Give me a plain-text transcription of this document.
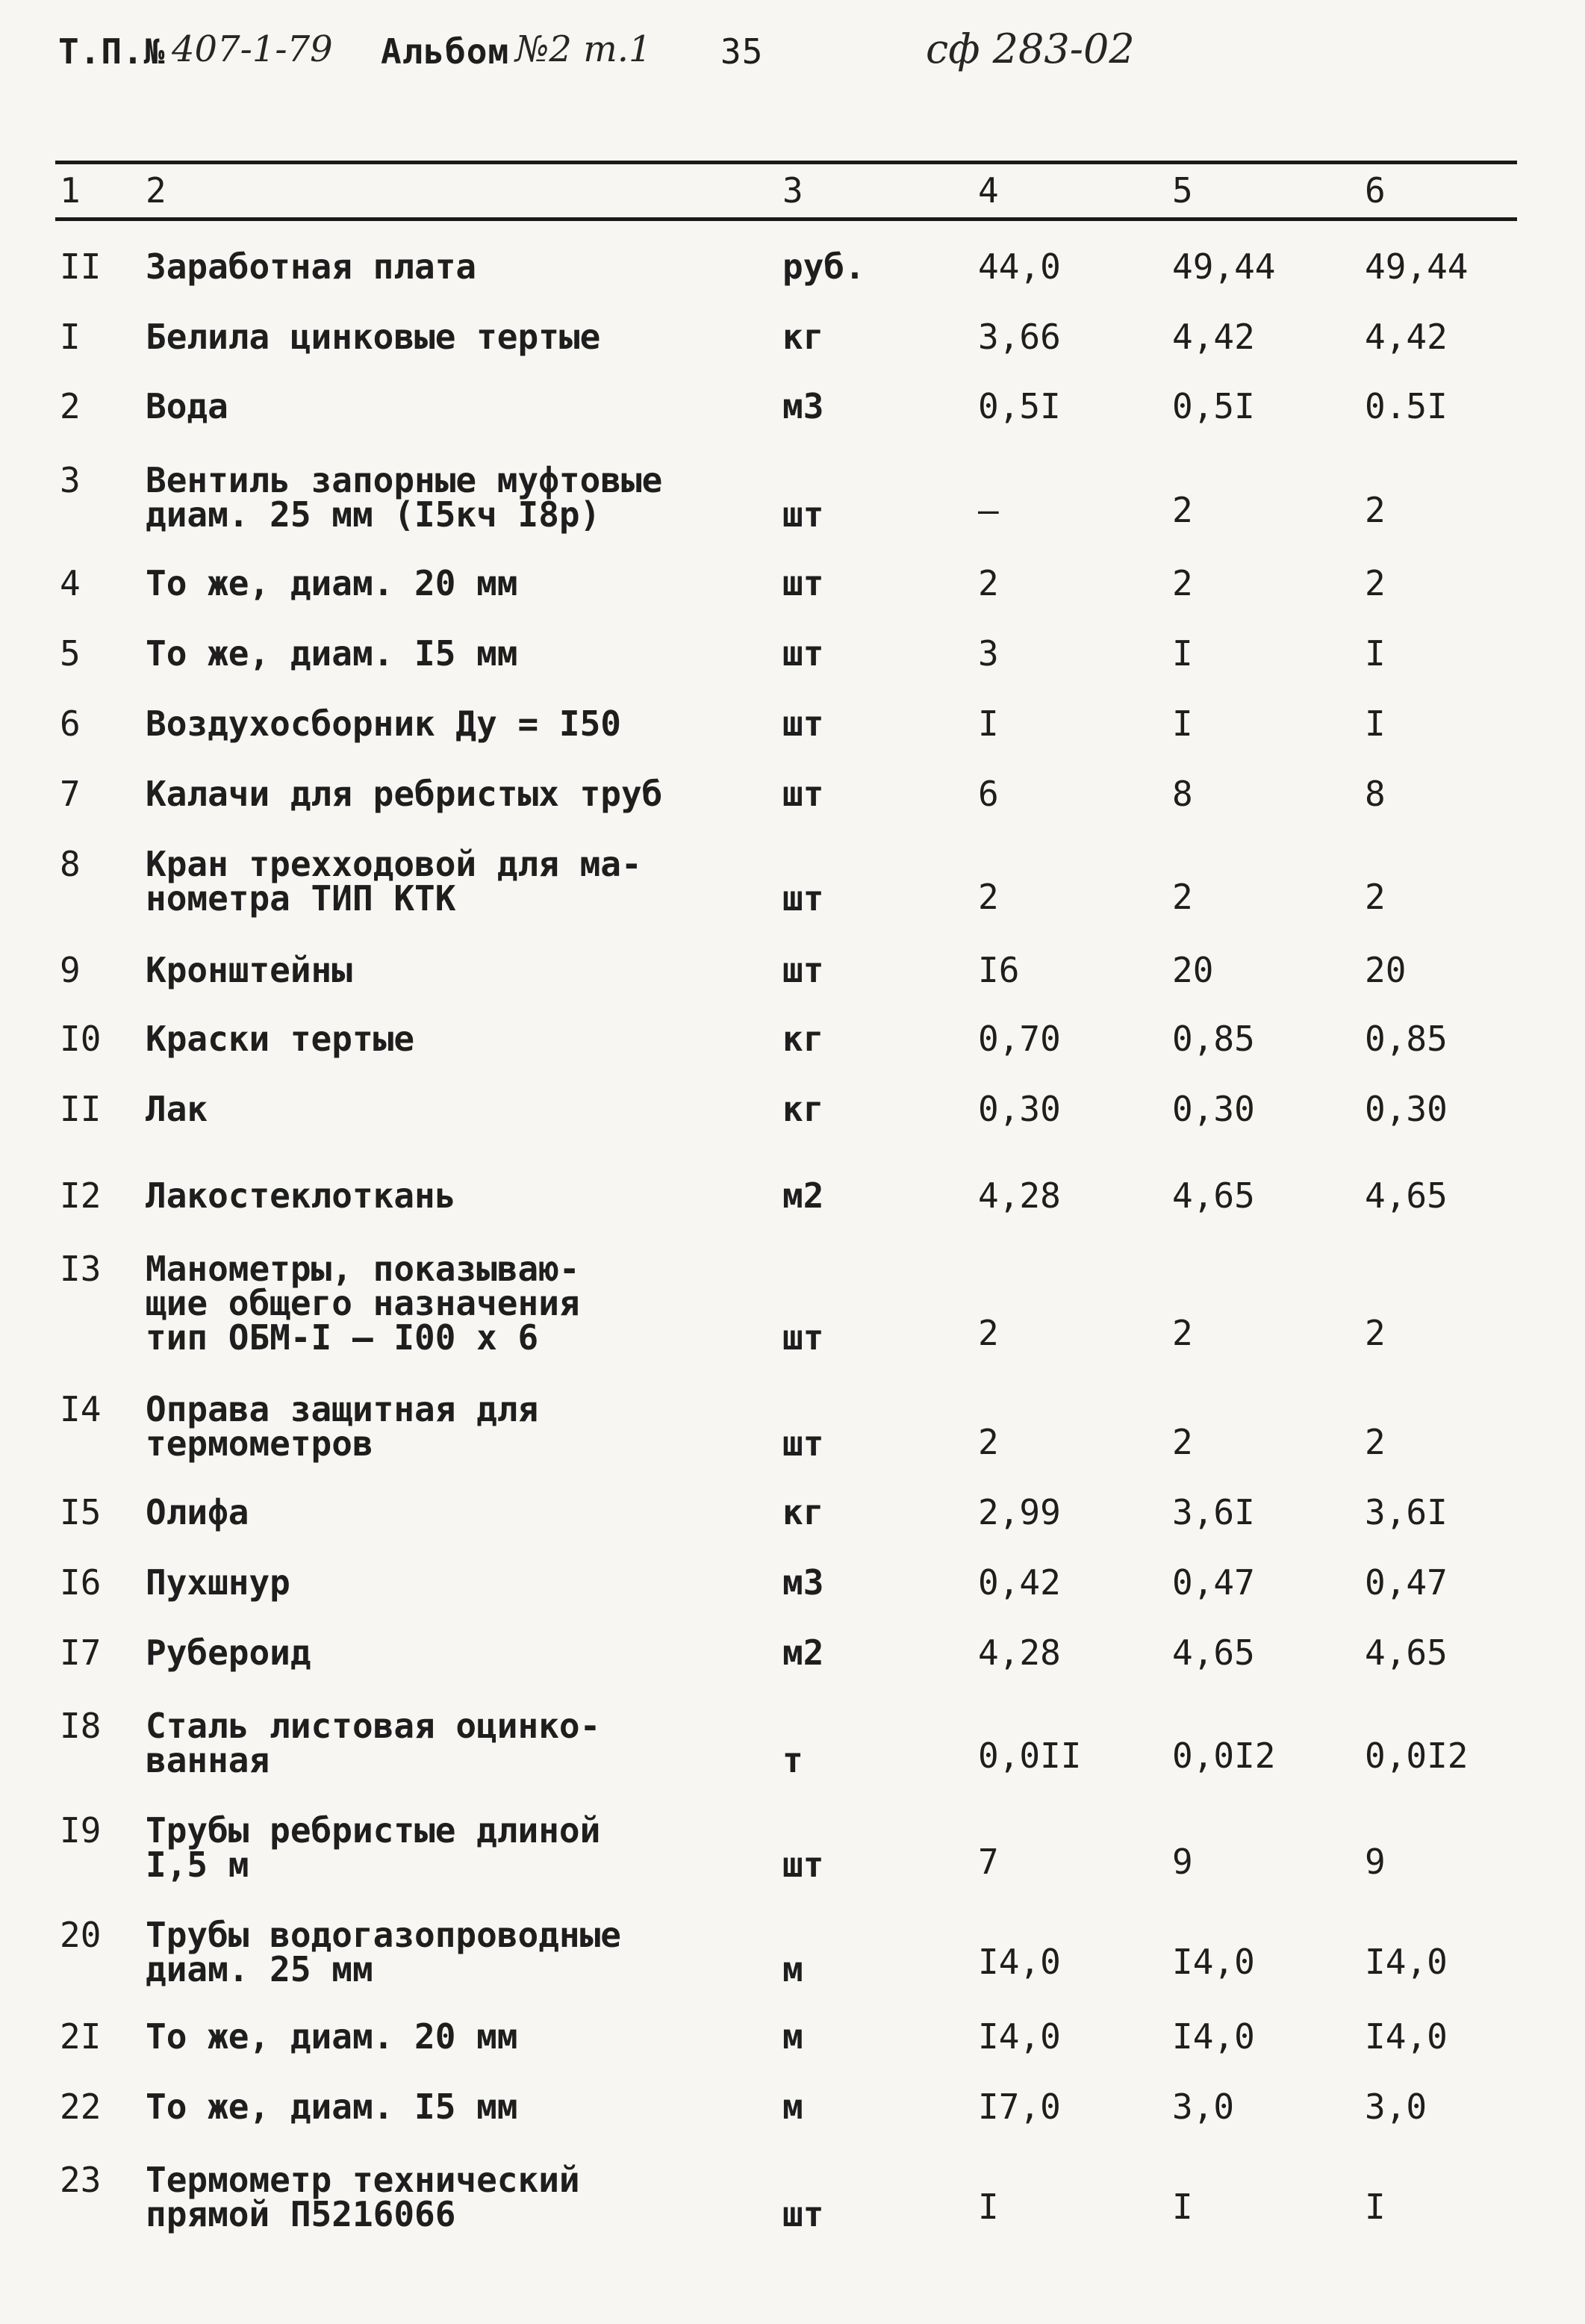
Т.П.№ 407-1-79 Альбом №2 т.1 35	сф 283-02
1 2	3	4	5	6
II Заработная плата	руб.	44,0	49,44	49,44
I Белила цинковые тертые	кг	3,66	4,42	4,42
2 Вода	м3	0,5I	0,5I	0.5I
3 Вентиль запорные муфтовые
диам. 25 мм (I5кч I8р)	шт	–	2	2
4 То же, диам. 20 мм	шт	2	2	2
5 То же, диам. I5 мм	шт	3	I	I
6 Воздухосборник Ду = I50	шт	I	I	I
7 Калачи для ребристых труб	шт	6	8	8
8 Кран трехходовой для ма-
нометра ТИП КТК	шт	2	2	2
9 Кронштейны	шт	I6	20	20
I0 Краски тертые	кг	0,70	0,85	0,85
II Лак	кг	0,30	0,30	0,30
I2 Лакостеклоткань	м2	4,28	4,65	4,65
I3 Манометры, показываю-
щие общего назначения
тип ОБМ-I – I00 х 6	шт	2	2	2
I4 Оправа защитная для
термометров	шт	2	2	2
I5 Олифа	кг	2,99	3,6I	3,6I
I6 Пухшнур	м3	0,42	0,47	0,47
I7 Рубероид	м2	4,28	4,65	4,65
I8 Сталь листовая оцинко-
ванная	т	0,0II	0,0I2	0,0I2
I9 Трубы ребристые длиной
I,5 м	шт	7	9	9
20 Трубы водогазопроводные
диам. 25 мм	м	I4,0	I4,0	I4,0
2I То же, диам. 20 мм	м	I4,0	I4,0	I4,0
22 То же, диам. I5 мм	м	I7,0	3,0	3,0
23 Термометр технический
прямой П5216066	шт	I	I	I
